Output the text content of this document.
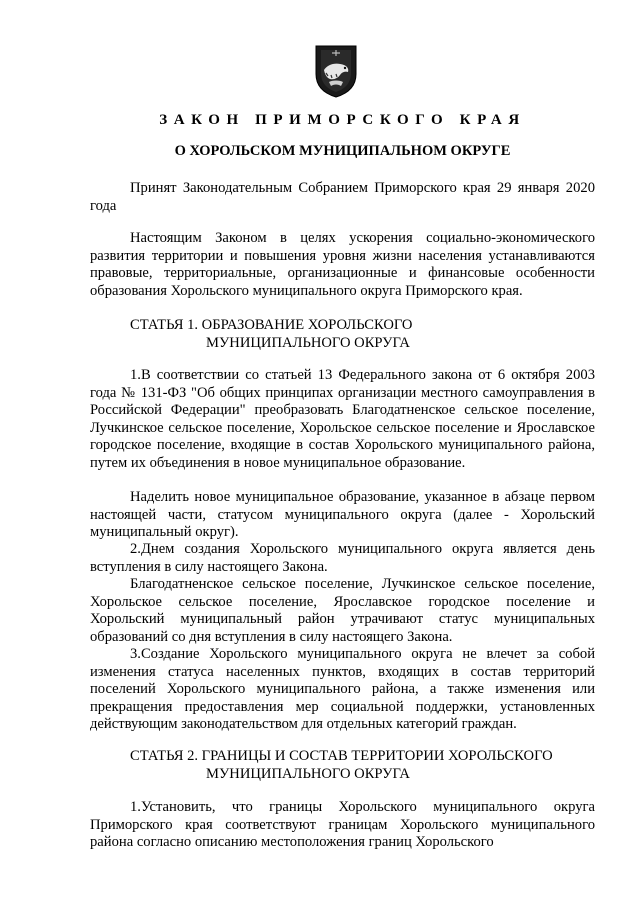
ЗАКОН ПРИМОРСКОГО КРАЯ
О ХОРОЛЬСКОМ МУНИЦИПАЛЬНОМ ОКРУГЕ

Принят Законодательным Собранием Приморского края 29 января 2020 года

Настоящим Законом в целях ускорения социально-экономического развития территории и повышения уровня жизни населения устанавливаются правовые, территориальные, организационные и финансовые особенности образования Хорольского муниципального округа Приморского края.

СТАТЬЯ 1. ОБРАЗОВАНИЕ ХОРОЛЬСКОГО
МУНИЦИПАЛЬНОГО ОКРУГА

1.В соответствии со статьей 13 Федерального закона от 6 октября 2003 года № 131-ФЗ "Об общих принципах организации местного самоуправления в Российской Федерации" преобразовать Благодатненское сельское поселение, Лучкинское сельское поселение, Хорольское сельское поселение и Ярославское городское поселение, входящие в состав Хорольского муниципального района, путем их объединения в новое муниципальное образование.

Наделить новое муниципальное образование, указанное в абзаце первом настоящей части, статусом муниципального округа (далее - Хорольский муниципальный округ).

2.Днем создания Хорольского муниципального округа является день вступления в силу настоящего Закона.

Благодатненское сельское поселение, Лучкинское сельское поселение, Хорольское сельское поселение, Ярославское городское поселение и Хорольский муниципальный район утрачивают статус муниципальных образований со дня вступления в силу настоящего Закона.

3.Создание Хорольского муниципального округа не влечет за собой изменения статуса населенных пунктов, входящих в состав территорий поселений Хорольского муниципального района, а также изменения или прекращения предоставления мер социальной поддержки, установленных действующим законодательством для отдельных категорий граждан.

СТАТЬЯ 2. ГРАНИЦЫ И СОСТАВ ТЕРРИТОРИИ ХОРОЛЬСКОГО
МУНИЦИПАЛЬНОГО ОКРУГА

1.Установить, что границы Хорольского муниципального округа Приморского края соответствуют границам Хорольского муниципального района согласно описанию местоположения границ Хорольского
